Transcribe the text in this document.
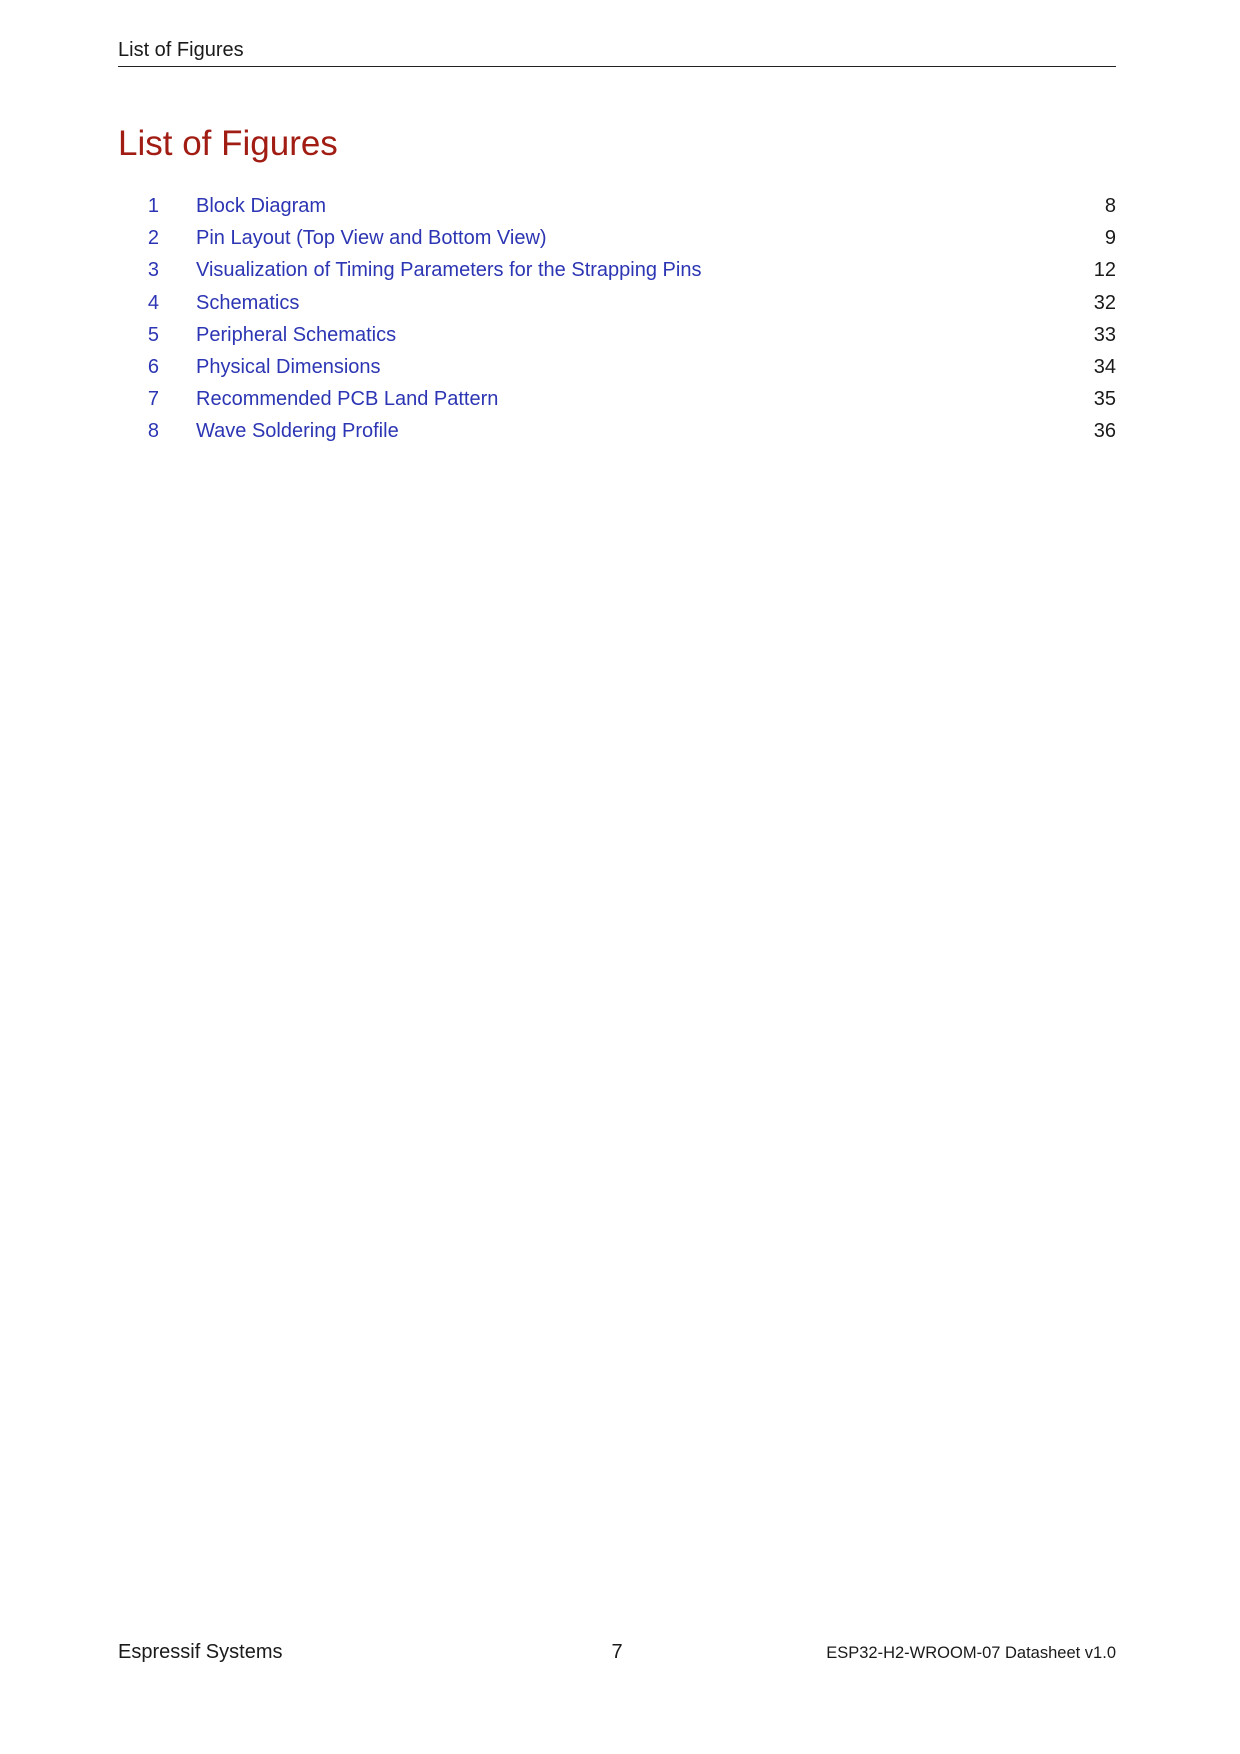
List of Figures
List of Figures
1 Block Diagram	8
2 Pin Layout (Top View and Bottom View)	9
3 Visualization of Timing Parameters for the Strapping Pins	12
4 Schematics	32
5 Peripheral Schematics	33
6 Physical Dimensions	34
7 Recommended PCB Land Pattern	35
8 Wave Soldering Profile	36
Espressif Systems	7	ESP32-H2-WROOM-07 Datasheet v1.0
